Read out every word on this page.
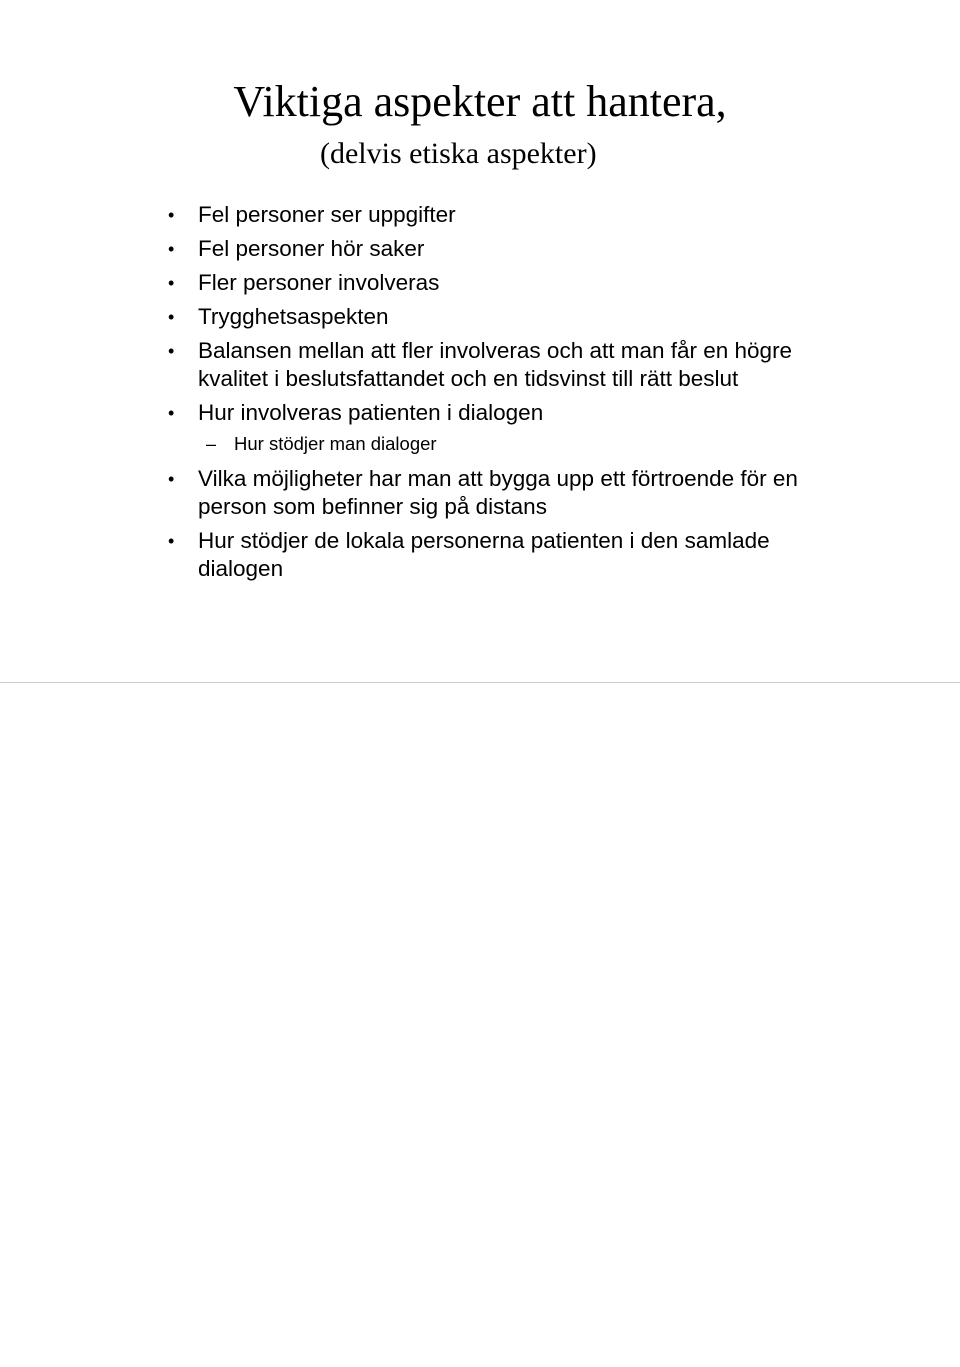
Viktiga aspekter att hantera,
(delvis etiska aspekter)
• Fel personer ser uppgifter
• Fel personer hör saker
• Fler personer involveras
• Trygghetsaspekten
• Balansen mellan att fler involveras och att man får en högre kvalitet i beslutsfattandet och en tidsvinst till rätt beslut
• Hur involveras patienten i dialogen
– Hur stödjer man dialoger
• Vilka möjligheter har man att bygga upp ett förtroende för en person som befinner sig på distans
• Hur stödjer de lokala personerna patienten i den samlade dialogen
